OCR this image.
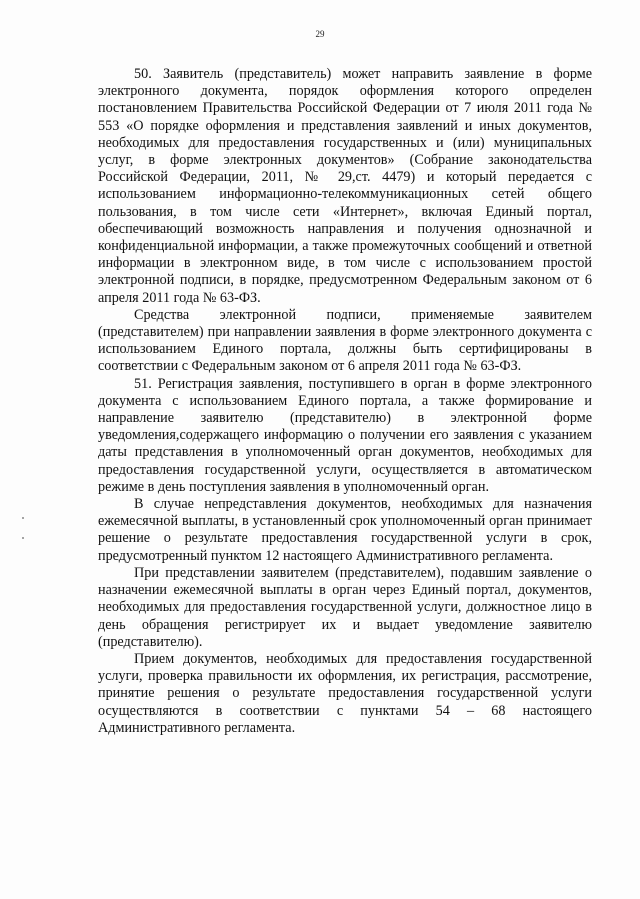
29

50. Заявитель (представитель) может направить заявление в форме электронного документа, порядок оформления которого определен постановлением Правительства Российской Федерации от 7 июля 2011 года № 553 «О порядке оформления и представления заявлений и иных документов, необходимых для предоставления государственных и (или) муниципальных услуг, в форме электронных документов» (Собрание законодательства Российской Федерации, 2011, № 29,ст. 4479) и который передается с использованием информационно-телекоммуникационных сетей общего пользования, в том числе сети «Интернет», включая Единый портал, обеспечивающий возможность направления и получения однозначной и конфиденциальной информации, а также промежуточных сообщений и ответной информации в электронном виде, в том числе с использованием простой электронной подписи, в порядке, предусмотренном Федеральным законом от 6 апреля 2011 года № 63-ФЗ.

Средства электронной подписи, применяемые заявителем (представителем) при направлении заявления в форме электронного документа с использованием Единого портала, должны быть сертифицированы в соответствии с Федеральным законом от 6 апреля 2011 года № 63-ФЗ.

51. Регистрация заявления, поступившего в орган в форме электронного документа с использованием Единого портала, а также формирование и направление заявителю (представителю) в электронной форме уведомления,содержащего информацию о получении его заявления с указанием даты представления в уполномоченный орган документов, необходимых для предоставления государственной услуги, осуществляется в автоматическом режиме в день поступления заявления в уполномоченный орган.

В случае непредставления документов, необходимых для назначения ежемесячной выплаты, в установленный срок уполномоченный орган принимает решение о результате предоставления государственной услуги в срок, предусмотренный пунктом 12 настоящего Административного регламента.

При представлении заявителем (представителем), подавшим заявление о назначении ежемесячной выплаты в орган через Единый портал, документов, необходимых для предоставления государственной услуги, должностное лицо в день обращения регистрирует их и выдает уведомление заявителю (представителю).

Прием документов, необходимых для предоставления государственной услуги, проверка правильности их оформления, их регистрация, рассмотрение, принятие решения о результате предоставления государственной услуги осуществляются в соответствии с пунктами 54 – 68 настоящего Административного регламента.
